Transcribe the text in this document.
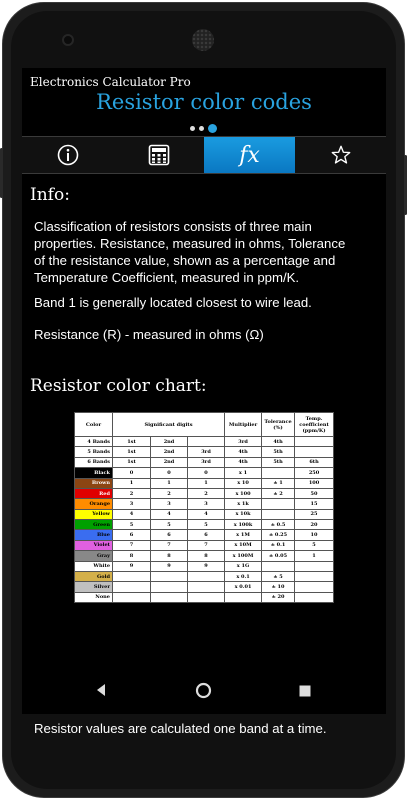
Electronics Calculator Pro
Resistor color codes
fx
Info:
Classification of resistors consists of three main
properties. Resistance, measured in ohms, Tolerance
of the resistance value, shown as a percentage and
Temperature Coefficient, measured in ppm/K.
Band 1 is generally located closest to wire lead.
Resistance (R) - measured in ohms (Ω)
Resistor color chart:
Color	Significant digits			Multiplier	Tolerance (%)	Temp. coefficient (ppm/K)
4 Bands	1st	2nd		3rd	4th	
5 Bands	1st	2nd	3rd	4th	5th	
6 Bands	1st	2nd	3rd	4th	5th	6th
Black	0	0	0	x 1		250
Brown	1	1	1	x 10	± 1	100
Red	2	2	2	x 100	± 2	50
Orange	3	3	3	x 1k		15
Yellow	4	4	4	x 10k		25
Green	5	5	5	x 100k	± 0.5	20
Blue	6	6	6	x 1M	± 0.25	10
Violet	7	7	7	x 10M	± 0.1	5
Gray	8	8	8	x 100M	± 0.05	1
White	9	9	9	x 1G		
Gold				x 0.1	± 5	
Silver				x 0.01	± 10	
None					± 20	
Resistor values are calculated one band at a time.
